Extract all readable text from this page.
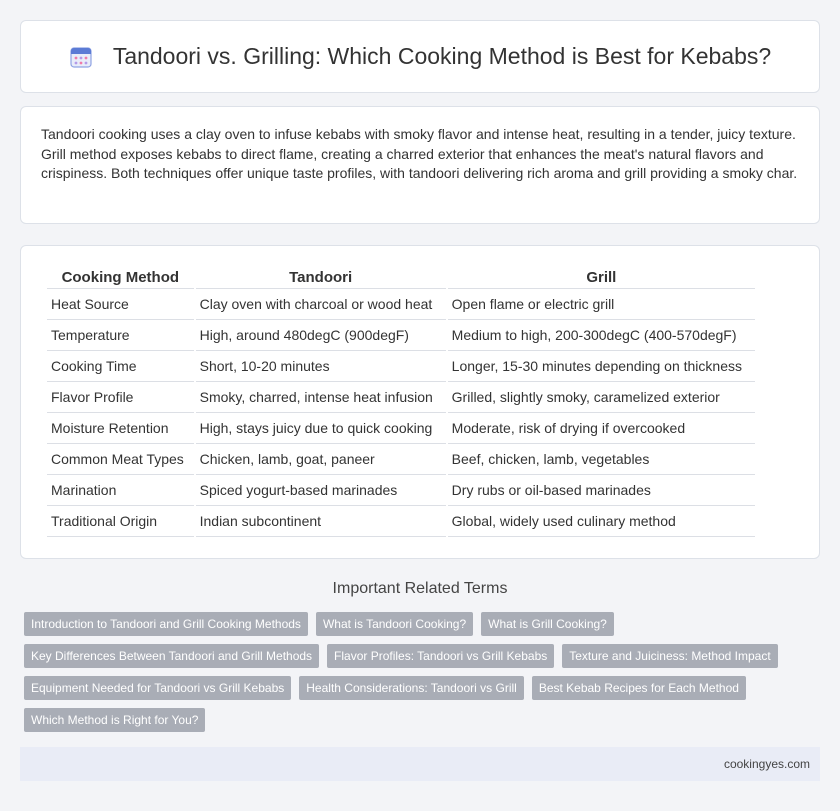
Tandoori vs. Grilling: Which Cooking Method is Best for Kebabs?

Tandoori cooking uses a clay oven to infuse kebabs with smoky flavor and intense heat, resulting in a tender, juicy texture. Grill method exposes kebabs to direct flame, creating a charred exterior that enhances the meat's natural flavors and crispiness. Both techniques offer unique taste profiles, with tandoori delivering rich aroma and grill providing a smoky char.

Cooking Method	Tandoori	Grill
Heat Source	Clay oven with charcoal or wood heat	Open flame or electric grill
Temperature	High, around 480degC (900degF)	Medium to high, 200-300degC (400-570degF)
Cooking Time	Short, 10-20 minutes	Longer, 15-30 minutes depending on thickness
Flavor Profile	Smoky, charred, intense heat infusion	Grilled, slightly smoky, caramelized exterior
Moisture Retention	High, stays juicy due to quick cooking	Moderate, risk of drying if overcooked
Common Meat Types	Chicken, lamb, goat, paneer	Beef, chicken, lamb, vegetables
Marination	Spiced yogurt-based marinades	Dry rubs or oil-based marinades
Traditional Origin	Indian subcontinent	Global, widely used culinary method
Important Related Terms
Introduction to Tandoori and Grill Cooking Methods	What is Tandoori Cooking?	What is Grill Cooking?
Key Differences Between Tandoori and Grill Methods	Flavor Profiles: Tandoori vs Grill Kebabs	Texture and Juiciness: Method Impact
Equipment Needed for Tandoori vs Grill Kebabs	Health Considerations: Tandoori vs Grill	Best Kebab Recipes for Each Method
Which Method is Right for You?
cookingyes.com
